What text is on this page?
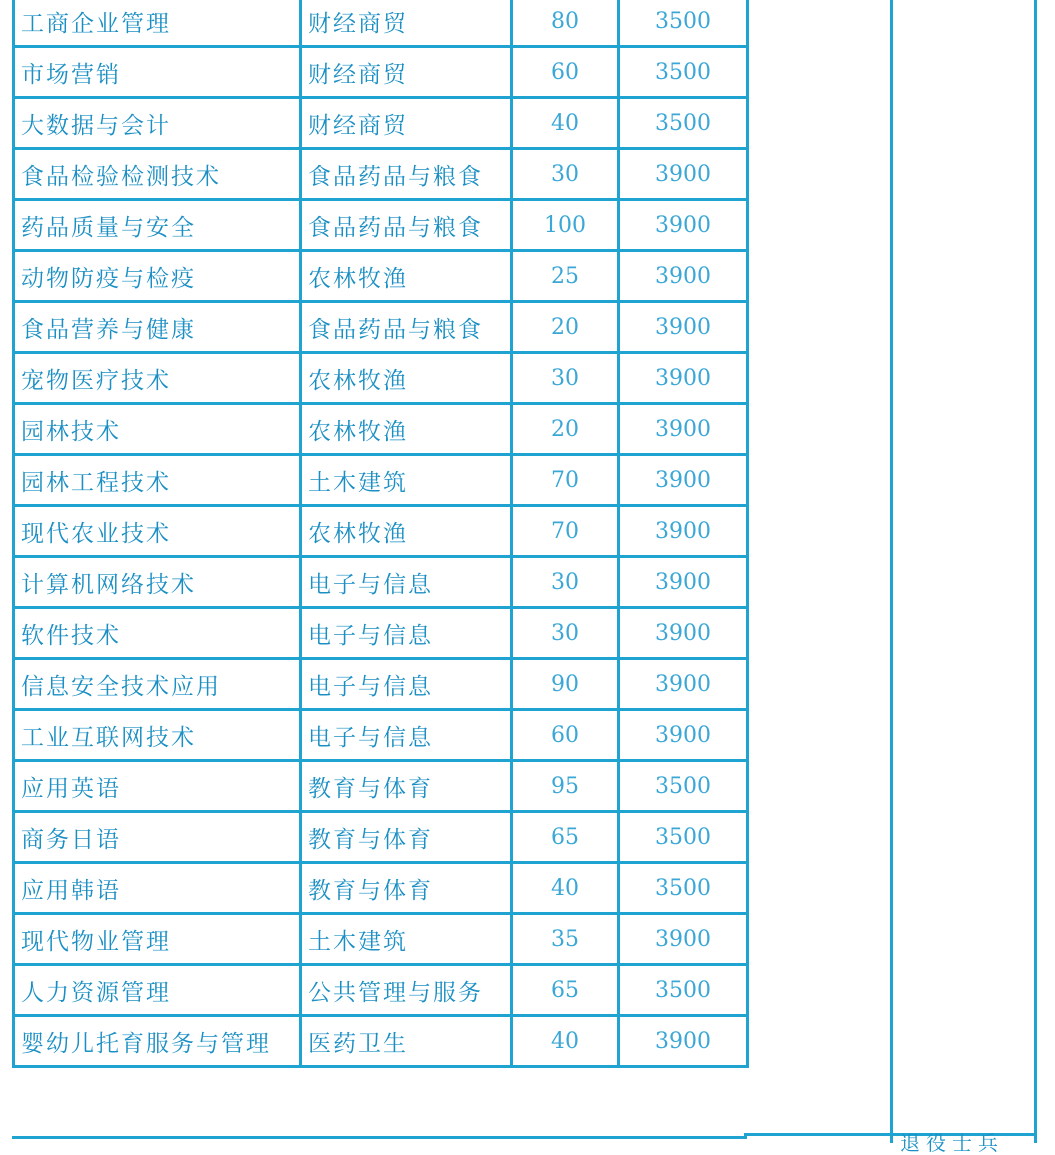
工商企业管理	财经商贸	80	3500
市场营销	财经商贸	60	3500
大数据与会计	财经商贸	40	3500
食品检验检测技术	食品药品与粮食	30	3900
药品质量与安全	食品药品与粮食	100	3900
动物防疫与检疫	农林牧渔	25	3900
食品营养与健康	食品药品与粮食	20	3900
宠物医疗技术	农林牧渔	30	3900
园林技术	农林牧渔	20	3900
园林工程技术	土木建筑	70	3900
现代农业技术	农林牧渔	70	3900
计算机网络技术	电子与信息	30	3900
软件技术	电子与信息	30	3900
信息安全技术应用	电子与信息	90	3900
工业互联网技术	电子与信息	60	3900
应用英语	教育与体育	95	3500
商务日语	教育与体育	65	3500
应用韩语	教育与体育	40	3500
现代物业管理	土木建筑	35	3900
人力资源管理	公共管理与服务	65	3500
婴幼儿托育服务与管理	医药卫生	40	3900
退役士兵
